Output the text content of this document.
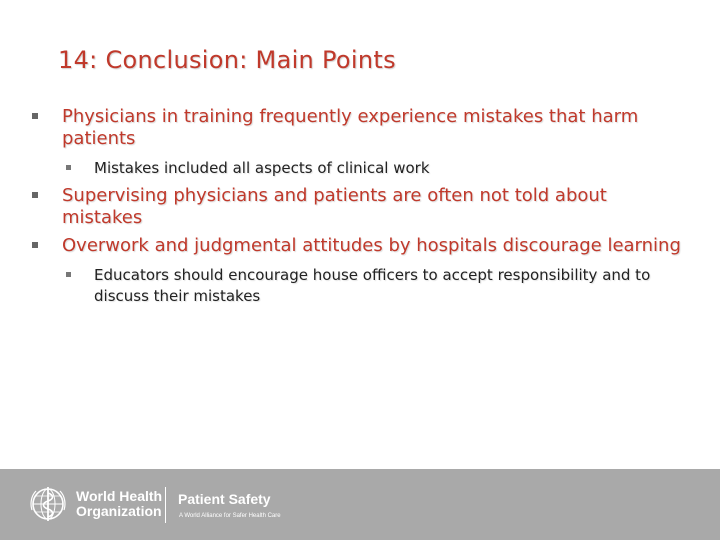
14: Conclusion: Main Points
Physicians in training frequently experience mistakes that harm patients
Mistakes included all aspects of clinical work
Supervising physicians and patients are often not told about mistakes
Overwork and judgmental attitudes by hospitals discourage learning
Educators should encourage house officers to accept responsibility and to discuss their mistakes
World Health
Organization
Patient Safety
A World Alliance for Safer Health Care
